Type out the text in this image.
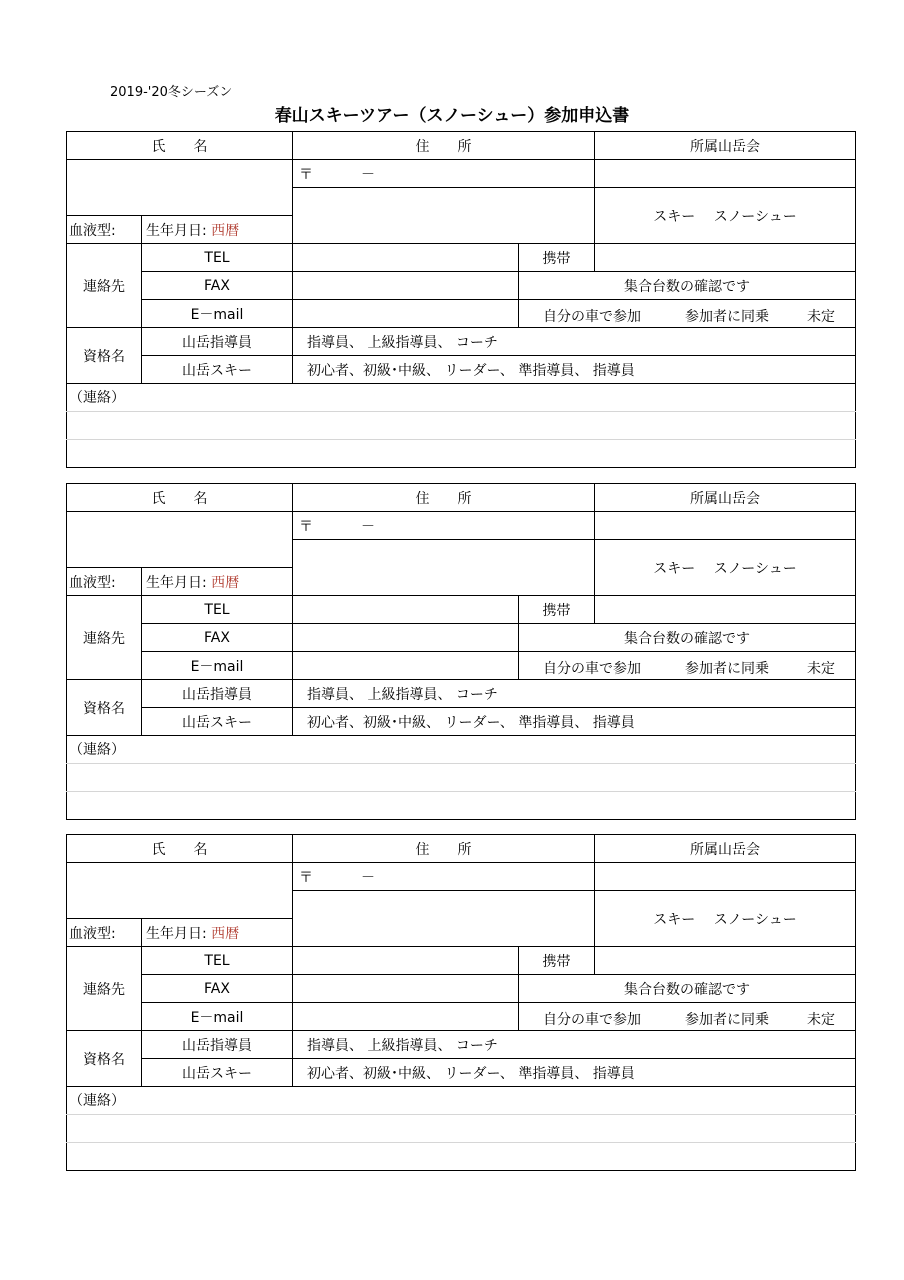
2019-'20冬シーズン
春山スキーツアー（スノーシュー）参加申込書
氏　　名		住　　所		所属山岳会
		〒 －		
				スキー　 スノーシュー
血液型:	生年月日: 西暦			
連絡先	TEL		携帯	
	FAX		集合台数の確認です	
	E－mail		自分の車で参加 参加者に同乗 未定	

資格名	山岳指導員	指導員、 上級指導員、 コーチ		
	山岳スキー	初心者、初級･中級、 リーダー、 準指導員、 指導員		
（連絡）				

氏　　名		住　　所		所属山岳会
		〒 －		
				スキー　 スノーシュー
血液型:	生年月日: 西暦			
連絡先	TEL		携帯	
	FAX		集合台数の確認です	
	E－mail		自分の車で参加 参加者に同乗 未定	

資格名	山岳指導員	指導員、 上級指導員、 コーチ		
	山岳スキー	初心者、初級･中級、 リーダー、 準指導員、 指導員		
（連絡）				

氏　　名		住　　所		所属山岳会
		〒 －		
				スキー　 スノーシュー
血液型:	生年月日: 西暦			
連絡先	TEL		携帯	
	FAX		集合台数の確認です	
	E－mail		自分の車で参加 参加者に同乗 未定	

資格名	山岳指導員	指導員、 上級指導員、 コーチ		
	山岳スキー	初心者、初級･中級、 リーダー、 準指導員、 指導員		
（連絡）				
